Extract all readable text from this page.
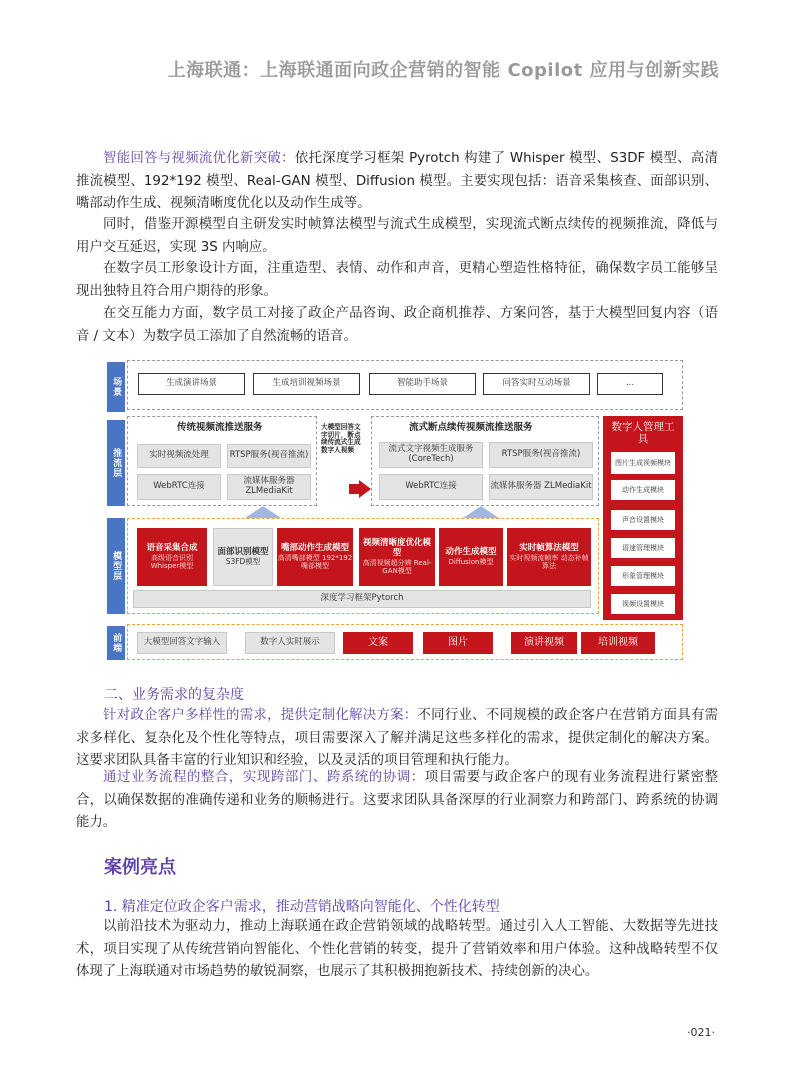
上海联通：上海联通面向政企营销的智能 Copilot 应用与创新实践
智能回答与视频流优化新突破：依托深度学习框架 Pyrotch 构建了 Whisper 模型、S3DF 模型、高清推流模型、192*192 模型、Real-GAN 模型、Diffusion 模型。主要实现包括：语音采集核查、面部识别、嘴部动作生成、视频清晰度优化以及动作生成等。
同时，借鉴开源模型自主研发实时帧算法模型与流式生成模型，实现流式断点续传的视频推流，降低与用户交互延迟，实现 3S 内响应。
在数字员工形象设计方面，注重造型、表情、动作和声音，更精心塑造性格特征，确保数字员工能够呈现出独特且符合用户期待的形象。
在交互能力方面，数字员工对接了政企产品咨询、政企商机推荐、方案问答，基于大模型回复内容（语音 / 文本）为数字员工添加了自然流畅的语音。
场景
推流层
模型层
前端
生成演讲场景	生成培训视频场景	智能助手场景	问答实时互动场景	...
传统视频流推送服务
实时视频流处理	RTSP服务(视音推流)
WebRTC连接	流媒体服务器 ZLMediaKit
大模型回答文字切片，断点续传流式生成数字人视频
流式断点续传视频流推送服务
流式文字视频生成服务(CoreTech)	RTSP服务(视音推流)
WebRTC连接	流媒体服务器 ZLMediaKit
数字人管理工具
图片生成视频模块
动作生成模块
声音设置模块
语速管理模块
形象管理模块
视频设置模块
语音采集合成
高级语音识别 Whisper模型
面部识别模型
S3FD模型
嘴部动作生成模型
高清嘴部模型 192*192嘴部模型
视频清晰度优化模型
高清视频超分辨 Real-GAN模型
动作生成模型
Diffusion模型
实时帧算法模型
实时视频流帧率 动态补帧算法
深度学习框架Pytorch
大模型回答文字输入	数字人实时展示	文案	图片	演讲视频	培训视频
二、业务需求的复杂度
针对政企客户多样性的需求，提供定制化解决方案：不同行业、不同规模的政企客户在营销方面具有需求多样化、复杂化及个性化等特点，项目需要深入了解并满足这些多样化的需求，提供定制化的解决方案。这要求团队具备丰富的行业知识和经验，以及灵活的项目管理和执行能力。
通过业务流程的整合，实现跨部门、跨系统的协调：项目需要与政企客户的现有业务流程进行紧密整合，以确保数据的准确传递和业务的顺畅进行。这要求团队具备深厚的行业洞察力和跨部门、跨系统的协调能力。
案例亮点
1. 精准定位政企客户需求，推动营销战略向智能化、个性化转型
以前沿技术为驱动力，推动上海联通在政企营销领域的战略转型。通过引入人工智能、大数据等先进技术，项目实现了从传统营销向智能化、个性化营销的转变，提升了营销效率和用户体验。这种战略转型不仅体现了上海联通对市场趋势的敏锐洞察，也展示了其积极拥抱新技术、持续创新的决心。
·021·
